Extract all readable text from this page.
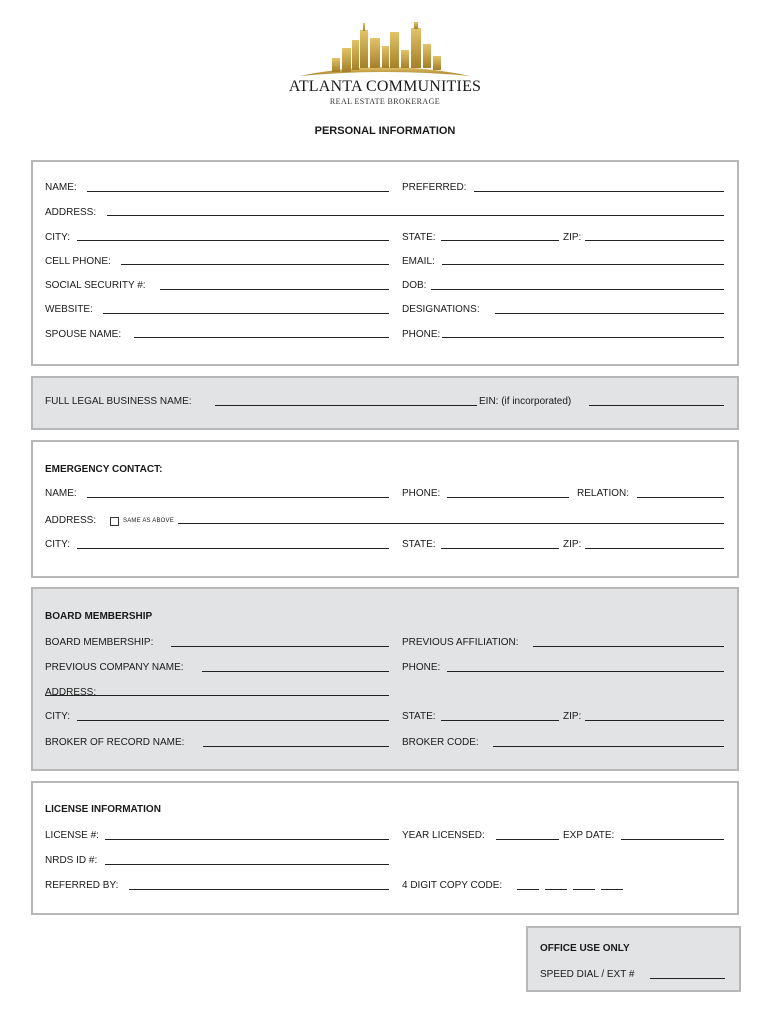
ATLANTA COMMUNITIES
REAL ESTATE BROKERAGE
PERSONAL INFORMATION
NAME:	PREFERRED:
ADDRESS:
CITY:	STATE:	ZIP:
CELL PHONE:	EMAIL:
SOCIAL SECURITY #:	DOB:
WEBSITE:	DESIGNATIONS:
SPOUSE NAME:	PHONE:
FULL LEGAL BUSINESS NAME:	EIN: (if incorporated)
EMERGENCY CONTACT:
NAME:	PHONE:	RELATION:
ADDRESS:	SAME AS ABOVE
CITY:	STATE:	ZIP:
BOARD MEMBERSHIP
BOARD MEMBERSHIP:	PREVIOUS AFFILIATION:
PREVIOUS COMPANY NAME:	PHONE:
ADDRESS:
CITY:	STATE:	ZIP:
BROKER OF RECORD NAME:	BROKER CODE:
LICENSE INFORMATION
LICENSE #:	YEAR LICENSED:	EXP DATE:
NRDS ID #:
REFERRED BY:	4 DIGIT COPY CODE:
OFFICE USE ONLY
SPEED DIAL / EXT #
